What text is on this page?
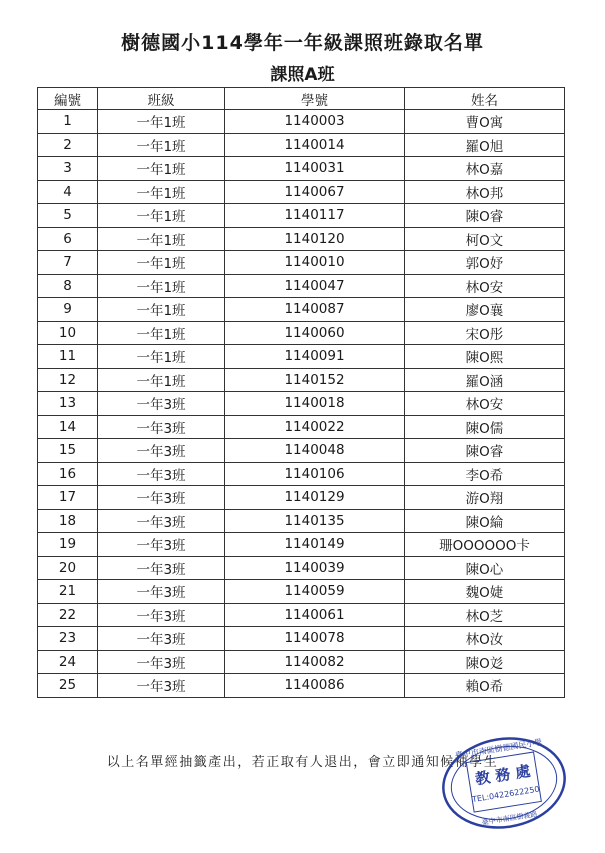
樹德國小114學年一年級課照班錄取名單
課照A班
編號	班級	學號	姓名
1	一年1班	1140003	曹O寓
2	一年1班	1140014	羅O旭
3	一年1班	1140031	林O嘉
4	一年1班	1140067	林O邦
5	一年1班	1140117	陳O睿
6	一年1班	1140120	柯O文
7	一年1班	1140010	郭O妤
8	一年1班	1140047	林O安
9	一年1班	1140087	廖O襄
10	一年1班	1140060	宋O彤
11	一年1班	1140091	陳O熙
12	一年1班	1140152	羅O涵
13	一年3班	1140018	林O安
14	一年3班	1140022	陳O儒
15	一年3班	1140048	陳O睿
16	一年3班	1140106	李O希
17	一年3班	1140129	游O翔
18	一年3班	1140135	陳O綸
19	一年3班	1140149	珊OOOOOO卡
20	一年3班	1140039	陳O心
21	一年3班	1140059	魏O婕
22	一年3班	1140061	林O芝
23	一年3班	1140078	林O汝
24	一年3班	1140082	陳O彣
25	一年3班	1140086	賴O希
以上名單經抽籤產出，若正取有人退出，會立即通知候補學生
教 務 處
TEL:0422622250
臺中市南區樹德國民小學
臺中市南區樹義路
